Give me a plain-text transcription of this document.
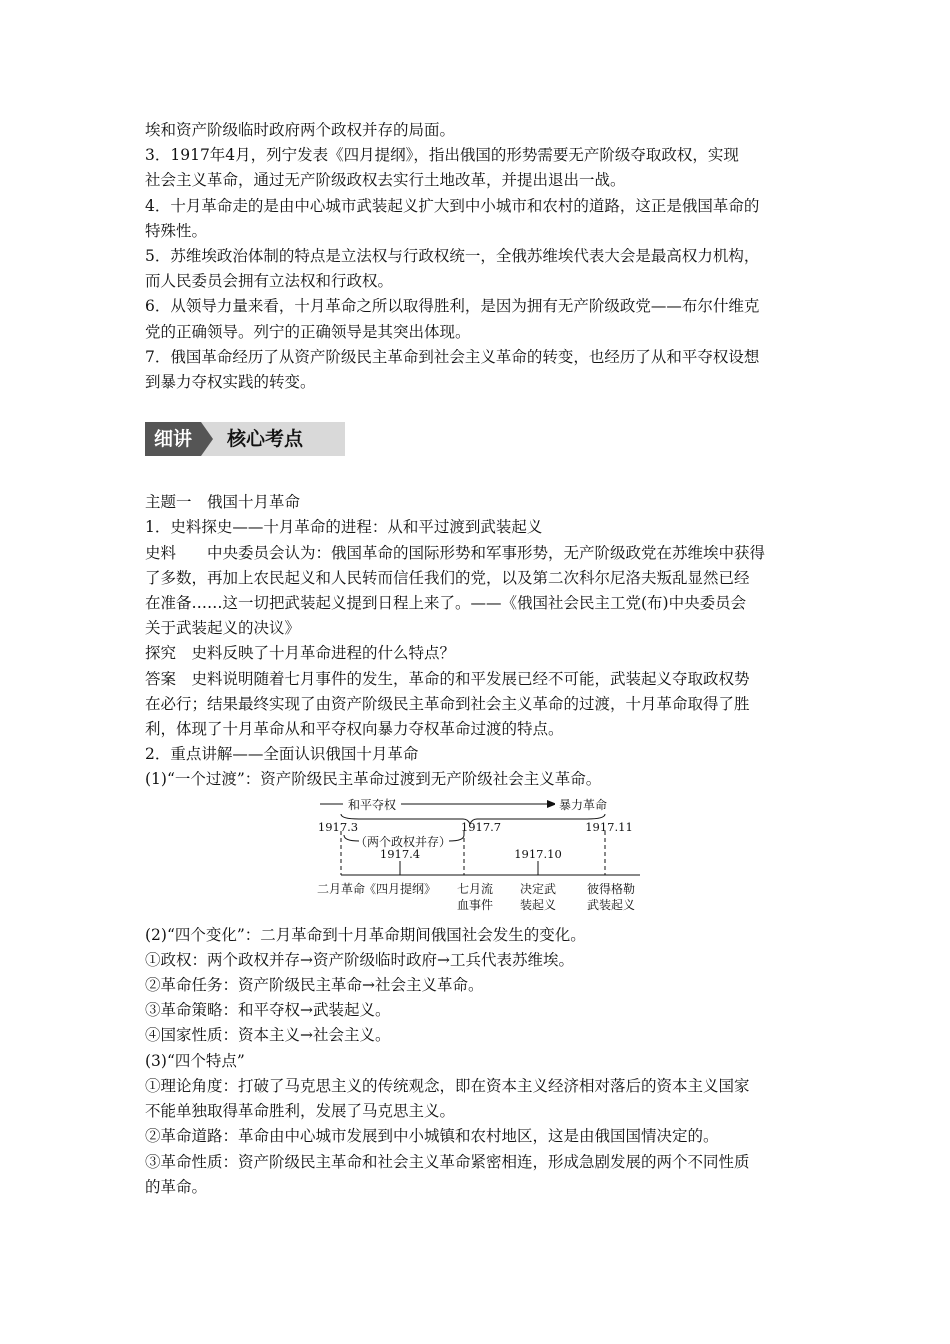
埃和资产阶级临时政府两个政权并存的局面。

3．1917年4月，列宁发表《四月提纲》，指出俄国的形势需要无产阶级夺取政权，实现

社会主义革命，通过无产阶级政权去实行土地改革，并提出退出一战。

4．十月革命走的是由中心城市武装起义扩大到中小城市和农村的道路，这正是俄国革命的

特殊性。

5．苏维埃政治体制的特点是立法权与行政权统一，全俄苏维埃代表大会是最高权力机构，

而人民委员会拥有立法权和行政权。

6．从领导力量来看，十月革命之所以取得胜利，是因为拥有无产阶级政党——布尔什维克

党的正确领导。列宁的正确领导是其突出体现。

7．俄国革命经历了从资产阶级民主革命到社会主义革命的转变，也经历了从和平夺权设想

到暴力夺权实践的转变。

细讲	核心考点

主题一　俄国十月革命

1．史料探史——十月革命的进程：从和平过渡到武装起义

史料　　中央委员会认为：俄国革命的国际形势和军事形势，无产阶级政党在苏维埃中获得

了多数，再加上农民起义和人民转而信任我们的党，以及第二次科尔尼洛夫叛乱显然已经

在准备……这一切把武装起义提到日程上来了。——《俄国社会民主工党(布)中央委员会

关于武装起义的决议》

探究　史料反映了十月革命进程的什么特点？

答案　史料说明随着七月事件的发生，革命的和平发展已经不可能，武装起义夺取政权势

在必行；结果最终实现了由资产阶级民主革命到社会主义革命的过渡，十月革命取得了胜

利，体现了十月革命从和平夺权向暴力夺权革命过渡的特点。

2．重点讲解——全面认识俄国十月革命

(1)“一个过渡”：资产阶级民主革命过渡到无产阶级社会主义革命。

和平夺权	暴力革命
1917.3	1917.7	1917.11
1917.4	1917.10
（两个政权并存）
二月革命
《四月提纲》 七月流
血事件
决定武
装起义
彼得格勒
武装起义

(2)“四个变化”：二月革命到十月革命期间俄国社会发生的变化。

①政权：两个政权并存→资产阶级临时政府→工兵代表苏维埃。

②革命任务：资产阶级民主革命→社会主义革命。

③革命策略：和平夺权→武装起义。

④国家性质：资本主义→社会主义。

(3)“四个特点”

①理论角度：打破了马克思主义的传统观念，即在资本主义经济相对落后的资本主义国家

不能单独取得革命胜利，发展了马克思主义。

②革命道路：革命由中心城市发展到中小城镇和农村地区，这是由俄国国情决定的。

③革命性质：资产阶级民主革命和社会主义革命紧密相连，形成急剧发展的两个不同性质

的革命。
